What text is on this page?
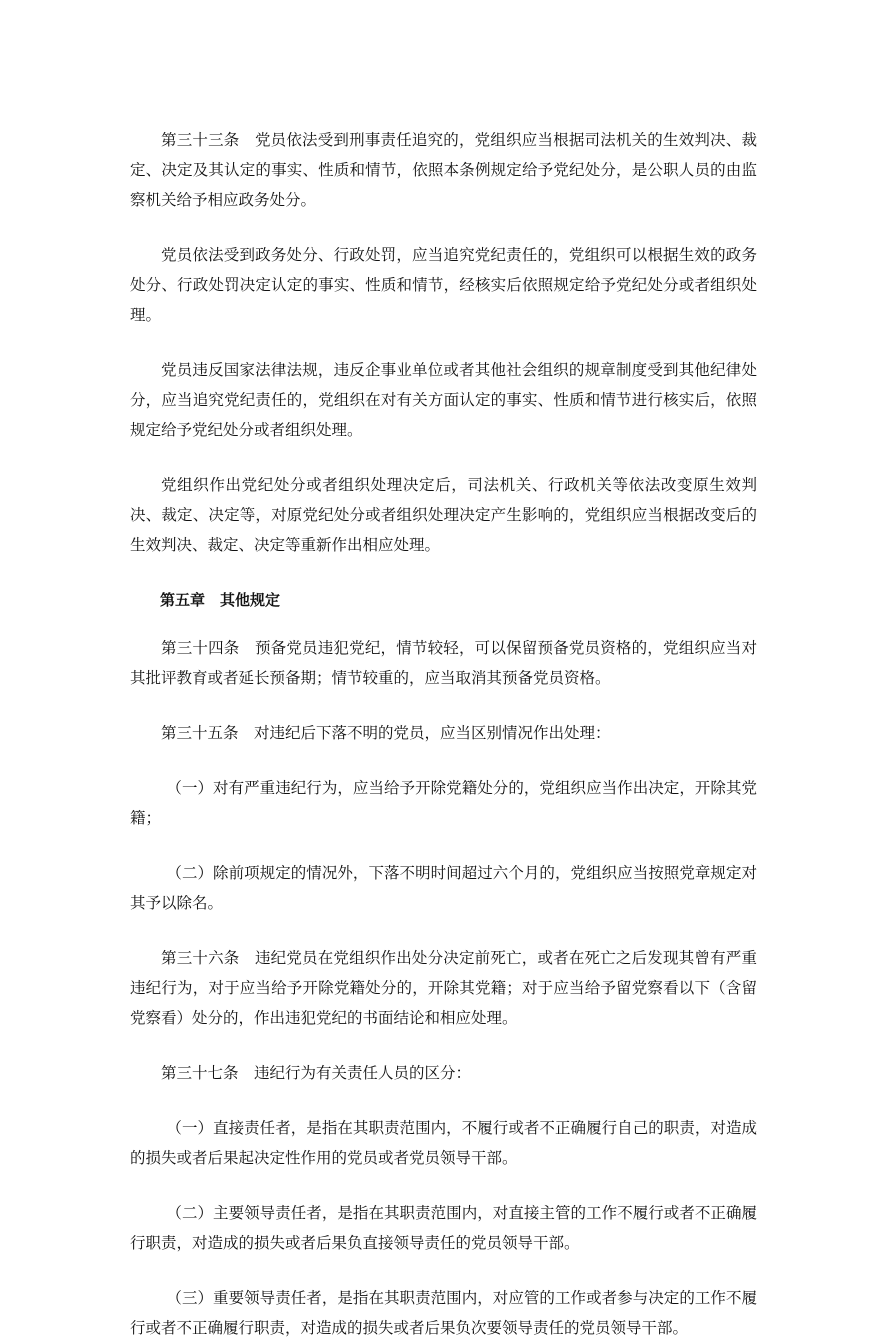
第三十三条 党员依法受到刑事责任追究的，党组织应当根据司法机关的生效判决、裁定、决定及其认定的事实、性质和情节，依照本条例规定给予党纪处分，是公职人员的由监察机关给予相应政务处分。

党员依法受到政务处分、行政处罚，应当追究党纪责任的，党组织可以根据生效的政务处分、行政处罚决定认定的事实、性质和情节，经核实后依照规定给予党纪处分或者组织处理。

党员违反国家法律法规，违反企事业单位或者其他社会组织的规章制度受到其他纪律处分，应当追究党纪责任的，党组织在对有关方面认定的事实、性质和情节进行核实后，依照规定给予党纪处分或者组织处理。

党组织作出党纪处分或者组织处理决定后，司法机关、行政机关等依法改变原生效判决、裁定、决定等，对原党纪处分或者组织处理决定产生影响的，党组织应当根据改变后的生效判决、裁定、决定等重新作出相应处理。

第五章　其他规定

第三十四条 预备党员违犯党纪，情节较轻，可以保留预备党员资格的，党组织应当对其批评教育或者延长预备期；情节较重的，应当取消其预备党员资格。

第三十五条 对违纪后下落不明的党员，应当区别情况作出处理：

（一）对有严重违纪行为，应当给予开除党籍处分的，党组织应当作出决定，开除其党籍；

（二）除前项规定的情况外，下落不明时间超过六个月的，党组织应当按照党章规定对其予以除名。

第三十六条 违纪党员在党组织作出处分决定前死亡，或者在死亡之后发现其曾有严重违纪行为，对于应当给予开除党籍处分的，开除其党籍；对于应当给予留党察看以下（含留党察看）处分的，作出违犯党纪的书面结论和相应处理。

第三十七条 违纪行为有关责任人员的区分：

（一）直接责任者，是指在其职责范围内，不履行或者不正确履行自己的职责，对造成的损失或者后果起决定性作用的党员或者党员领导干部。

（二）主要领导责任者，是指在其职责范围内，对直接主管的工作不履行或者不正确履行职责，对造成的损失或者后果负直接领导责任的党员领导干部。

（三）重要领导责任者，是指在其职责范围内，对应管的工作或者参与决定的工作不履行或者不正确履行职责，对造成的损失或者后果负次要领导责任的党员领导干部。
